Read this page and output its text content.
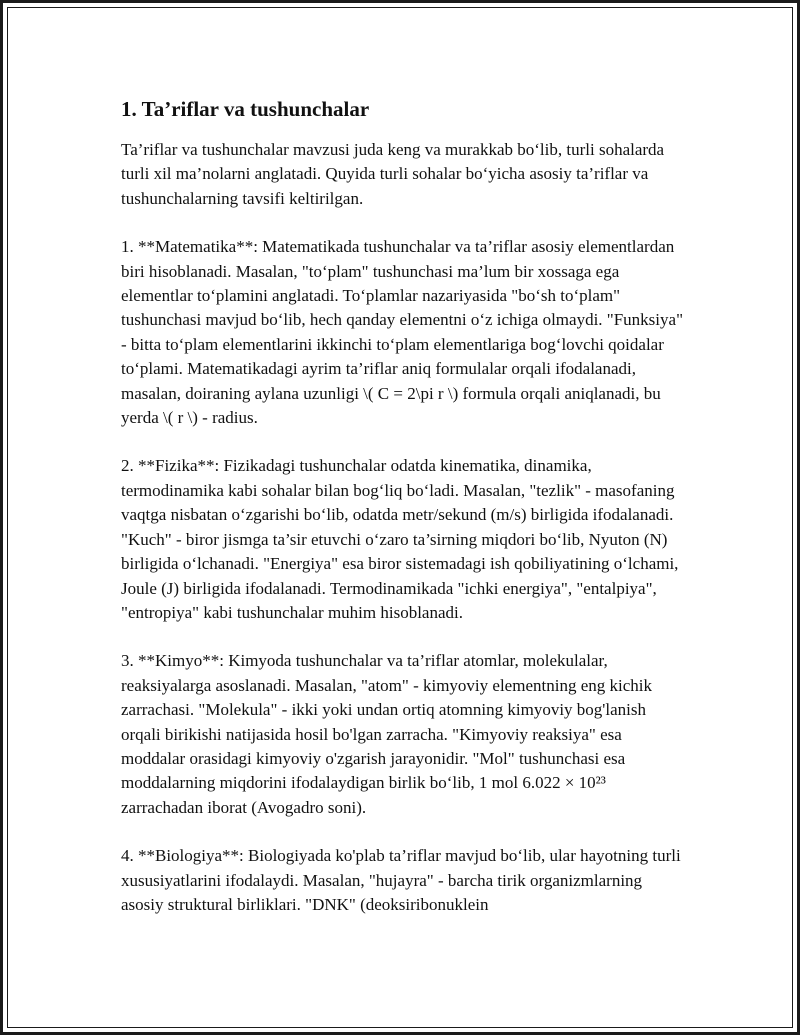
1. Ta’riflar va tushunchalar

Ta’riflar va tushunchalar mavzusi juda keng va murakkab bo‘lib, turli sohalarda turli xil ma’nolarni anglatadi. Quyida turli sohalar bo‘yicha asosiy ta’riflar va tushunchalarning tavsifi keltirilgan.

1. **Matematika**: Matematikada tushunchalar va ta’riflar asosiy elementlardan biri hisoblanadi. Masalan, "to‘plam" tushunchasi ma’lum bir xossaga ega elementlar to‘plamini anglatadi. To‘plamlar nazariyasida "bo‘sh to‘plam" tushunchasi mavjud bo‘lib, hech qanday elementni o‘z ichiga olmaydi. "Funksiya" - bitta to‘plam elementlarini ikkinchi to‘plam elementlariga bog‘lovchi qoidalar to‘plami. Matematikadagi ayrim ta’riflar aniq formulalar orqali ifodalanadi, masalan, doiraning aylana uzunligi \( C = 2\pi r \) formula orqali aniqlanadi, bu yerda \( r \) - radius.

2. **Fizika**: Fizikadagi tushunchalar odatda kinematika, dinamika, termodinamika kabi sohalar bilan bog‘liq bo‘ladi. Masalan, "tezlik" - masofaning vaqtga nisbatan o‘zgarishi bo‘lib, odatda metr/sekund (m/s) birligida ifodalanadi. "Kuch" - biror jismga ta’sir etuvchi o‘zaro ta’sirning miqdori bo‘lib, Nyuton (N) birligida o‘lchanadi. "Energiya" esa biror sistemadagi ish qobiliyatining o‘lchami, Joule (J) birligida ifodalanadi. Termodinamikada "ichki energiya", "entalpiya", "entropiya" kabi tushunchalar muhim hisoblanadi.

3. **Kimyo**: Kimyoda tushunchalar va ta’riflar atomlar, molekulalar, reaksiyalarga asoslanadi. Masalan, "atom" - kimyoviy elementning eng kichik zarrachasi. "Molekula" - ikki yoki undan ortiq atomning kimyoviy bog'lanish orqali birikishi natijasida hosil bo'lgan zarracha. "Kimyoviy reaksiya" esa moddalar orasidagi kimyoviy o'zgarish jarayonidir. "Mol" tushunchasi esa moddalarning miqdorini ifodalaydigan birlik bo‘lib, 1 mol 6.022 × 10²³ zarrachadan iborat (Avogadro soni).

4. **Biologiya**: Biologiyada ko'plab ta’riflar mavjud bo‘lib, ular hayotning turli xususiyatlarini ifodalaydi. Masalan, "hujayra" - barcha tirik organizmlarning asosiy struktural birliklari. "DNK" (deoksiribonuklein
